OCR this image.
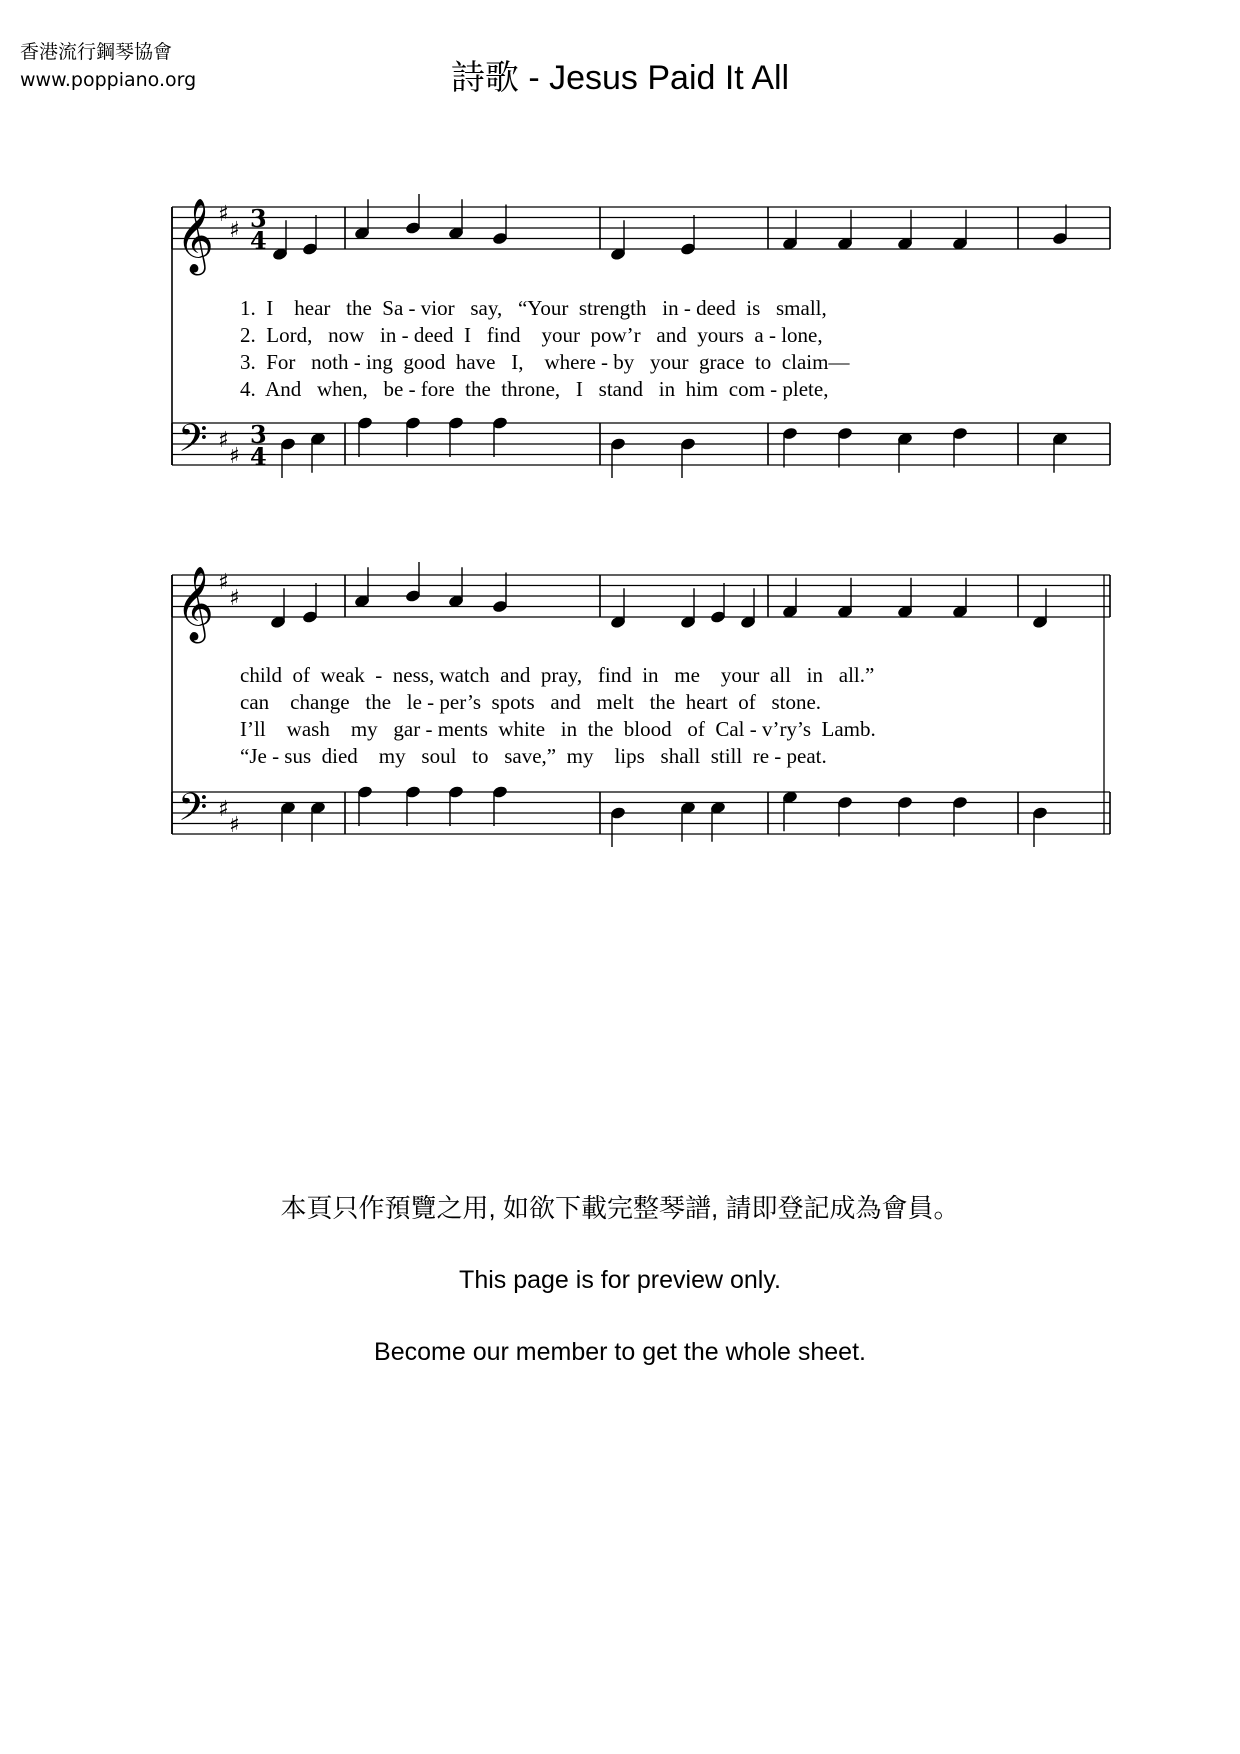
香港流行鋼琴協會
www.poppiano.org	詩歌 - Jesus Paid It All
𝄞 ♯
♯
𝄢 ♯
♯
3
4
3
4
1.  I    hear   the  Sa - vior   say,   “Your  strength   in - deed  is   small,
2.  Lord,   now   in - deed  I   find    your  pow’r   and  yours  a - lone,
3.  For   noth - ing  good  have   I,    where - by   your  grace  to  claim—
4.  And   when,   be - fore  the  throne,   I   stand   in  him  com - plete,
𝄞 ♯
♯
𝄢 ♯
♯
child  of  weak  -  ness, watch  and  pray,   find  in   me    your  all   in   all.”
can    change   the   le - per’s  spots   and   melt   the  heart  of   stone.
I’ll    wash    my   gar - ments  white   in  the  blood   of  Cal - v’ry’s  Lamb.
“Je - sus  died    my   soul   to   save,”  my    lips   shall  still  re - peat.
本頁只作預覽之用, 如欲下載完整琴譜, 請即登記成為會員。
This page is for preview only.
Become our member to get the whole sheet.
